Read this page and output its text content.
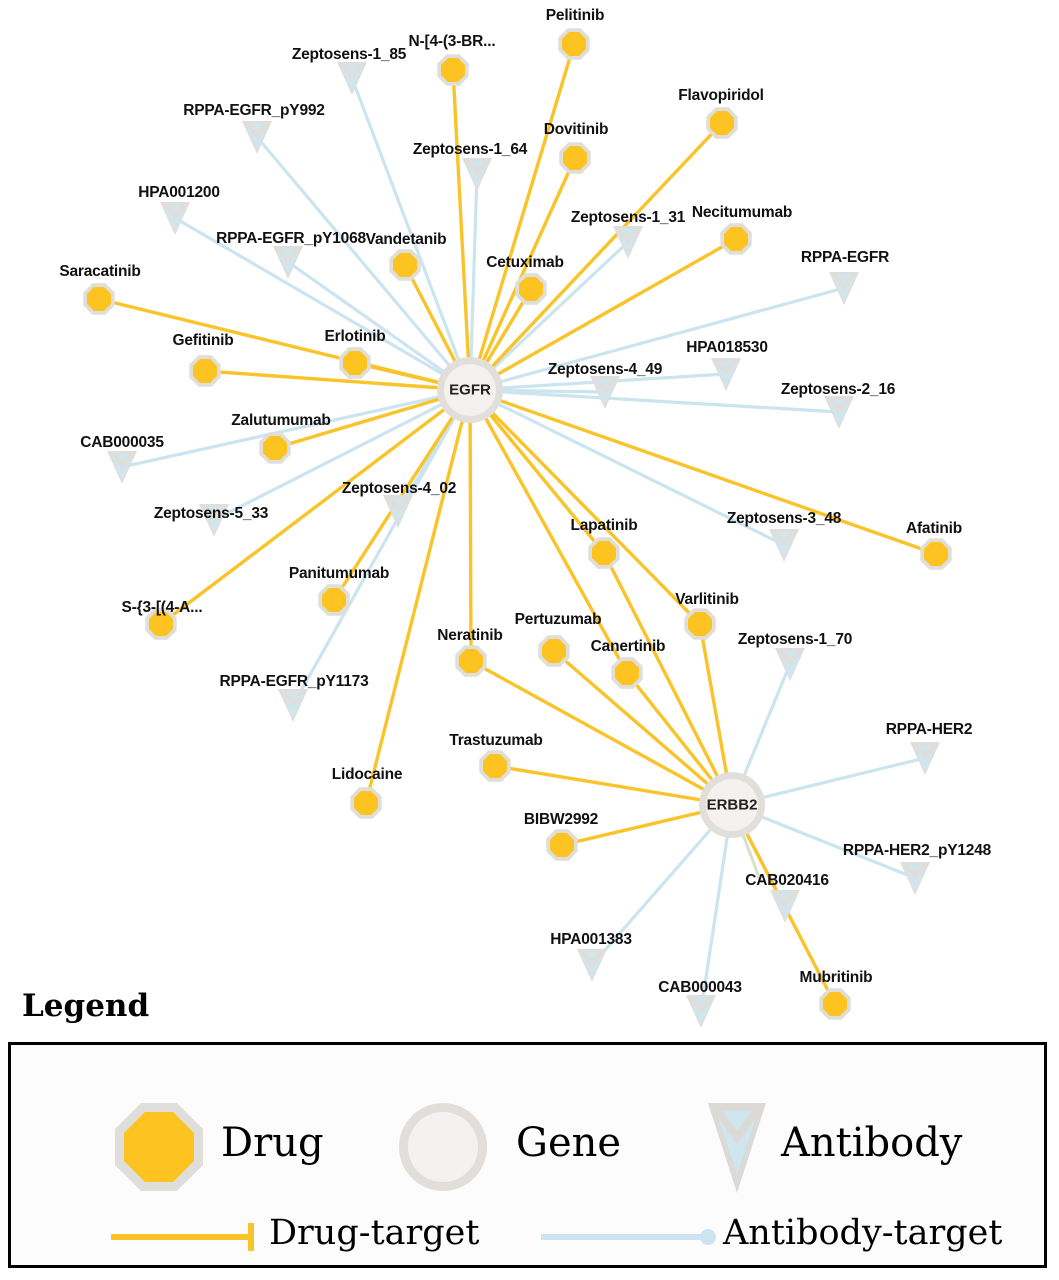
Zeptosens-1_85
RPPA-EGFR_pY992
Zeptosens-1_64
HPA001200
Zeptosens-1_31
RPPA-EGFR_pY1068
RPPA-EGFR
HPA018530
Zeptosens-4_49
Zeptosens-2_16
CAB000035
Zeptosens-5_33
Zeptosens-4_02
Zeptosens-3_48
Zeptosens-1_70
RPPA-EGFR_pY1173
RPPA-HER2
RPPA-HER2_pY1248
CAB020416
HPA001383
CAB000043
Pelitinib
N-[4-(3-BR...
Flavopiridol
Dovitinib
Necitumumab
Vandetanib
Cetuximab
Saracatinib
Erlotinib
Gefitinib
Zalutumumab
Afatinib
Lapatinib
Panitumumab
S-{3-[(4-A...	Varlitinib
Pertuzumab
Canertinib
Neratinib
Trastuzumab
BIBW2992
Lidocaine
Mubritinib
EGFR
ERBB2
Legend
Drug	Gene	Antibody
Drug-target	Antibody-target
